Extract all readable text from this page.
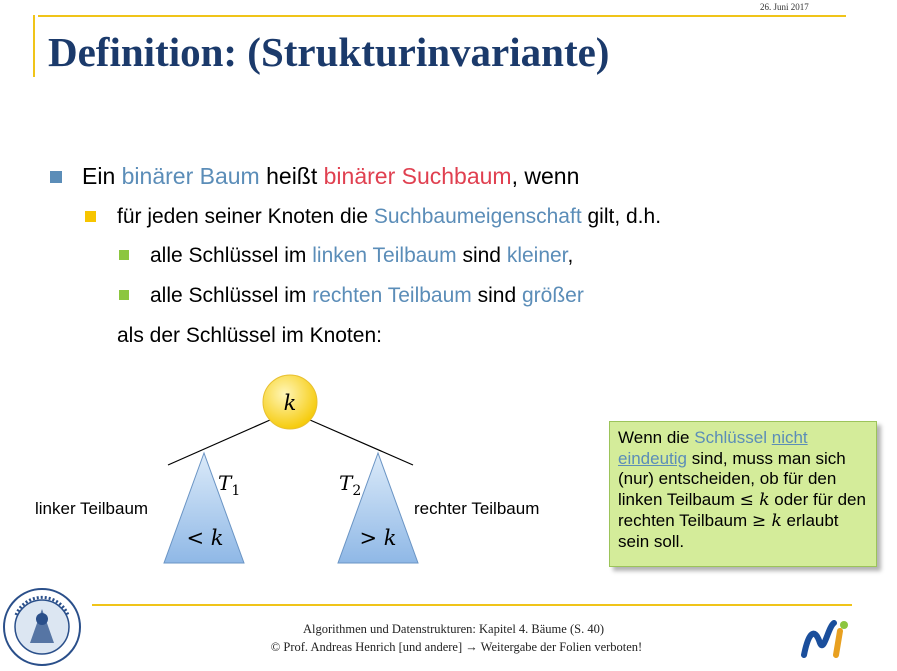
26. Juni 2017
Definition: (Strukturinvariante)
Ein binärer Baum heißt binärer Suchbaum, wenn
für jeden seiner Knoten die Suchbaumeigenschaft gilt, d.h.
alle Schlüssel im linken Teilbaum sind kleiner,
alle Schlüssel im rechten Teilbaum sind größer
als der Schlüssel im Knoten:
k
$T_1$	$T_2$
< k	> k
linker Teilbaum	rechter Teilbaum
Wenn die Schlüssel nicht eindeutig sind, muss man sich (nur) entscheiden, ob für den linken Teilbaum ≤ k oder für den rechten Teilbaum ≥ k erlaubt sein soll.
Algorithmen und Datenstrukturen: Kapitel 4. Bäume (S. 40)
© Prof. Andreas Henrich [und andere] → Weitergabe der Folien verboten!
